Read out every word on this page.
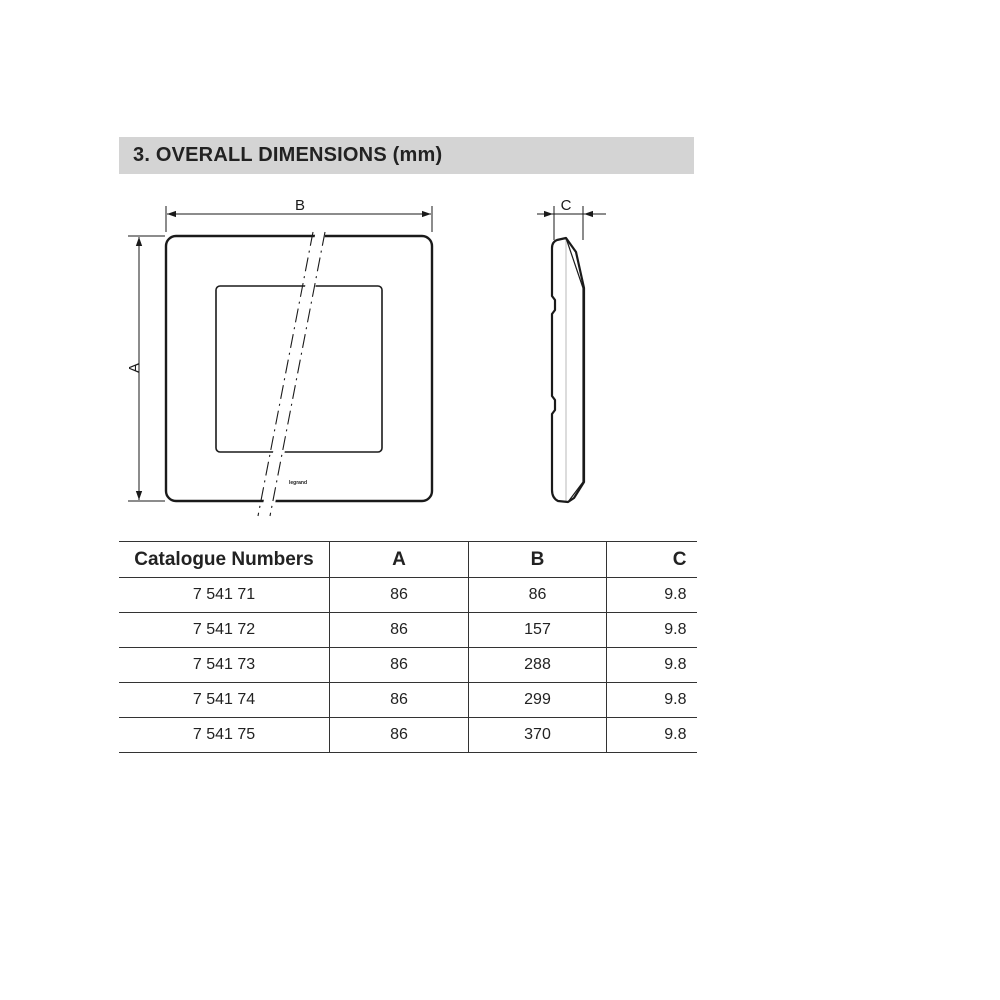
3. OVERALL DIMENSIONS (mm)
B
A
legrand
C
Catalogue Numbers	A	B	C
7 541 71	86	86	9.8
7 541 72	86	157	9.8
7 541 73	86	288	9.8
7 541 74	86	299	9.8
7 541 75	86	370	9.8
